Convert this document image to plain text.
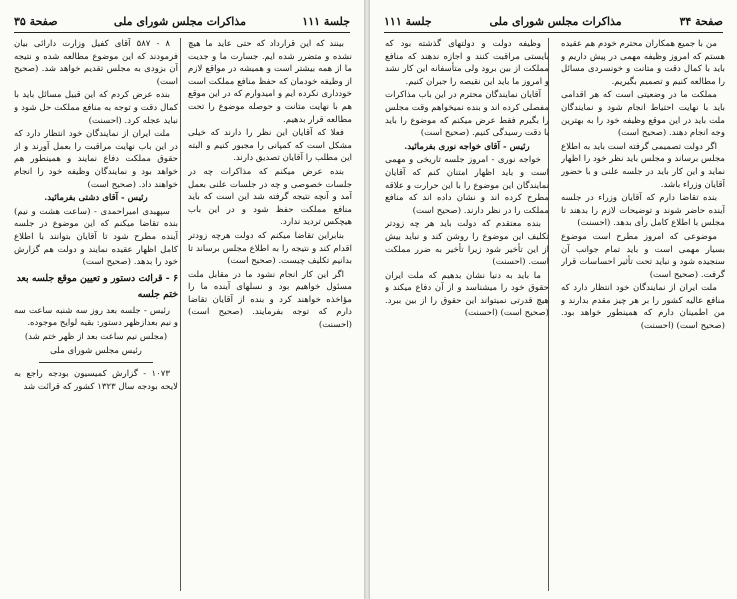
جلسة ۱۱۱
مذاکرات مجلس شورای ملی
صفحة ۳۵

بینند که این قرارداد که حتی عاید ما هیچ نشده و متضرر شده ایم. جسارت ما و جدیت ما از همه بیشتر است و همیشه در مواقع لازم از وظیفه خودمان که حفظ منافع مملکت است خودداری نکرده ایم و امیدوارم که در این موقع هم با نهایت متانت و حوصله موضوع را تحت مطالعه قرار بدهیم.

فعلا که آقایان این نظر را دارند که خیلی مشکل است که کمپانی را مجبور کنیم و البته این مطلب را آقایان تصدیق دارند.

بنده عرض میکنم که مذاکرات چه در جلسات خصوصی و چه در جلسات علنی بعمل آمد و آنچه نتیجه گرفته شد این است که باید منافع مملکت حفظ شود و در این باب هیچکس تردید ندارد.

بنابراین تقاضا میکنم که دولت هرچه زودتر اقدام کند و نتیجه را به اطلاع مجلس برساند تا بدانیم تکلیف چیست. (صحیح است)

اگر این کار انجام نشود ما در مقابل ملت مسئول خواهیم بود و نسلهای آینده ما را مؤاخذه خواهند کرد و بنده از آقایان تقاضا دارم که توجه بفرمایند. (صحیح است) (احسنت)

۸ - ۵۸۷ آقای کفیل وزارت دارائی بیان فرمودند که این موضوع مطالعه شده و نتیجه آن بزودی به مجلس تقدیم خواهد شد. (صحیح است)

بنده عرض کردم که این قبیل مسائل باید با کمال دقت و توجه به منافع مملکت حل شود و نباید عجله کرد. (احسنت)

ملت ایران از نمایندگان خود انتظار دارد که در این باب نهایت مراقبت را بعمل آورند و از حقوق مملکت دفاع نمایند و همینطور هم خواهد بود و نمایندگان وظیفه خود را انجام خواهند داد. (صحیح است)

رئیس - آقای دشتی بفرمائید.

سپهبدی امیراحمدی - (ساعت هشت و نیم) بنده تقاضا میکنم که این موضوع در جلسه آینده مطرح شود تا آقایان بتوانند با اطلاع کامل اظهار عقیده نمایند و دولت هم گزارش خود را بدهد. (صحیح است)

۶ - قرائت دستور و تعیین موقع جلسه بعد
ختم جلسه

رئیس - جلسه بعد روز سه شنبه ساعت سه و نیم بعدازظهر دستور: بقیه لوایح موجوده.

(مجلس نیم ساعت بعد از ظهر ختم شد)

رئیس مجلس شورای ملی

۱۰۷۳ - گزارش کمیسیون بودجه راجع به لایحه بودجه سال ۱۳۲۳ کشور که قرائت شد

صفحة ۳۴
مذاکرات مجلس شورای ملی
جلسة ۱۱۱

من با جمیع همکاران محترم خودم هم عقیده هستم که امروز وظیفه مهمی در پیش داریم و باید با کمال دقت و متانت و خونسردی مسائل را مطالعه کنیم و تصمیم بگیریم.

مملکت ما در وضعیتی است که هر اقدامی باید با نهایت احتیاط انجام شود و نمایندگان ملت باید در این موقع وظیفه خود را به بهترین وجه انجام دهند. (صحیح است)

اگر دولت تصمیمی گرفته است باید به اطلاع مجلس برساند و مجلس باید نظر خود را اظهار نماید و این کار باید در جلسه علنی و با حضور آقایان وزراء باشد.

بنده تقاضا دارم که آقایان وزراء در جلسه آینده حاضر شوند و توضیحات لازم را بدهند تا مجلس با اطلاع کامل رأی بدهد. (احسنت)

موضوعی که امروز مطرح است موضوع بسیار مهمی است و باید تمام جوانب آن سنجیده شود و نباید تحت تأثیر احساسات قرار گرفت. (صحیح است)

ملت ایران از نمایندگان خود انتظار دارد که منافع عالیه کشور را بر هر چیز مقدم بدارند و من اطمینان دارم که همینطور خواهد بود. (صحیح است) (احسنت)

وظیفه دولت و دولتهای گذشته بود که بایستی مراقبت کنند و اجازه ندهند که منافع مملکت از بین برود ولی متأسفانه این کار نشد و امروز ما باید این نقیصه را جبران کنیم.

آقایان نمایندگان محترم در این باب مذاکرات مفصلی کرده اند و بنده نمیخواهم وقت مجلس را بگیرم فقط عرض میکنم که موضوع را باید با دقت رسیدگی کنیم. (صحیح است)

رئیس - آقای خواجه نوری بفرمائید.

خواجه نوری - امروز جلسه تاریخی و مهمی است و باید اظهار امتنان کنم که آقایان نمایندگان این موضوع را با این حرارت و علاقه مطرح کرده اند و نشان داده اند که منافع مملکت را در نظر دارند. (صحیح است)

بنده معتقدم که دولت باید هر چه زودتر تکلیف این موضوع را روشن کند و نباید بیش از این تأخیر شود زیرا تأخیر به ضرر مملکت است. (احسنت)

ما باید به دنیا نشان بدهیم که ملت ایران حقوق خود را میشناسد و از آن دفاع میکند و هیچ قدرتی نمیتواند این حقوق را از بین ببرد. (صحیح است) (احسنت)
